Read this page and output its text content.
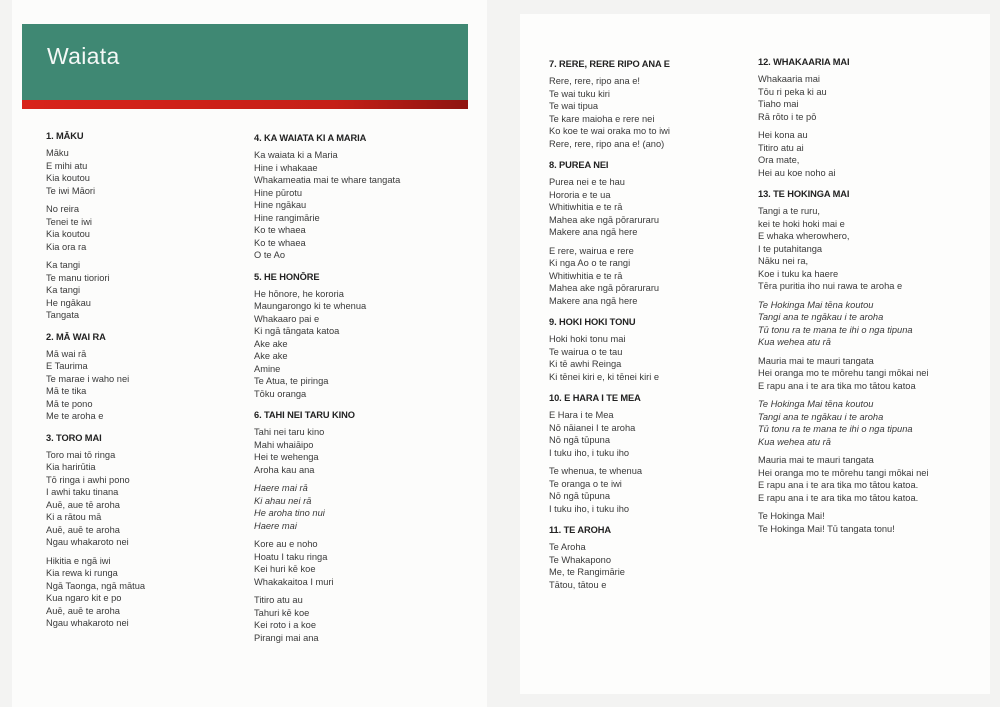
Waiata
1. MĀKU
Māku
E mihi atu
Kia koutou
Te iwi Māori
No reira
Tenei te iwi
Kia koutou
Kia ora ra
Ka tangi
Te manu tioriori
Ka tangi
He ngākau
Tangata
2. MĀ WAI RA
Mā wai rā
E Taurima
Te marae i waho nei
Mā te tika
Mā te pono
Me te aroha e
3. TORO MAI
Toro mai tō ringa
Kia harirūtia
Tō ringa i awhi pono
I awhi taku tinana
Auē, aue tē aroha
Ki a rātou mā
Auē, auē te aroha
Ngau whakaroto nei
Hikitia e ngā iwi
Kia rewa ki runga
Ngā Taonga, ngā mātua
Kua ngaro kit e po
Auē, auē te aroha
Ngau whakaroto nei
4. KA WAIATA KI A MARIA
Ka waiata ki a Maria
Hine i whakaae
Whakameatia mai te whare tangata
Hine pūrotu
Hine ngākau
Hine rangimārie
Ko te whaea
Ko te whaea
O te Ao
5. HE HONŌRE
He hōnore, he kororia
Maungarongo ki te whenua
Whakaaro pai e
Ki ngā tāngata katoa
Ake ake
Ake ake
Amine
Te Atua, te piringa
Tōku oranga
6. TAHI NEI TARU KINO
Tahi nei taru kino
Mahi whaiāipo
Hei te wehenga
Aroha kau ana
Haere mai rā
Ki ahau nei rā
He aroha tino nui
Haere mai
Kore au e noho
Hoatu I taku ringa
Kei huri kē koe
Whakakaitoa I muri
Titiro atu au
Tahuri kē koe
Kei roto i a koe
Pirangi mai ana
7. RERE, RERE RIPO ANA E
Rere, rere, ripo ana e!
Te wai tuku kiri
Te wai tipua
Te kare maioha e rere nei
Ko koe te wai oraka mo to iwi
Rere, rere, ripo ana e! (ano)
8. PUREA NEI
Purea nei e te hau
Hororia e te ua
Whitiwhitia e te rā
Mahea ake ngā pōraruraru
Makere ana ngā here
E rere, wairua e rere
Ki nga Ao o te rangi
Whitiwhitia e te rā
Mahea ake ngā pōraruraru
Makere ana ngā here
9. HOKI HOKI TONU
Hoki hoki tonu mai
Te wairua o te tau
Ki tē awhi Reinga
Ki tēnei kiri e, ki tēnei kiri e
10. E HARA I TE MEA
E Hara i te Mea
Nō nāianei I te aroha
Nō ngā tūpuna
I tuku iho, i tuku iho
Te whenua, te whenua
Te oranga o te iwi
Nō ngā tūpuna
I tuku iho, i tuku iho
11. TE AROHA
Te Aroha
Te Whakapono
Me, te Rangimārie
Tātou, tātou e
12. WHAKAARIA MAI
Whakaaria mai
Tōu ri peka ki au
Tiaho mai
Rā rōto i te pō
Hei kona au
Titiro atu ai
Ora mate,
Hei au koe noho ai
13. TE HOKINGA MAI
Tangi a te ruru,
kei te hoki hoki mai e
E whaka wherowhero,
I te putahitanga
Nāku nei ra,
Koe i tuku ka haere
Tēra puritia iho nui rawa te aroha e
Te Hokinga Mai tēna koutou
Tangi ana te ngākau i te aroha
Tū tonu ra te mana te ihi o nga tipuna
Kua wehea atu rā
Mauria mai te mauri tangata
Hei oranga mo te mōrehu tangi mōkai nei
E rapu ana i te ara tika mo tātou katoa
Te Hokinga Mai tēna koutou
Tangi ana te ngākau i te aroha
Tū tonu ra te mana te ihi o nga tipuna
Kua wehea atu rā
Mauria mai te mauri tangata
Hei oranga mo te mōrehu tangi mōkai nei
E rapu ana i te ara tika mo tātou katoa.
E rapu ana i te ara tika mo tātou katoa.
Te Hokinga Mai!
Te Hokinga Mai! Tū tangata tonu!
